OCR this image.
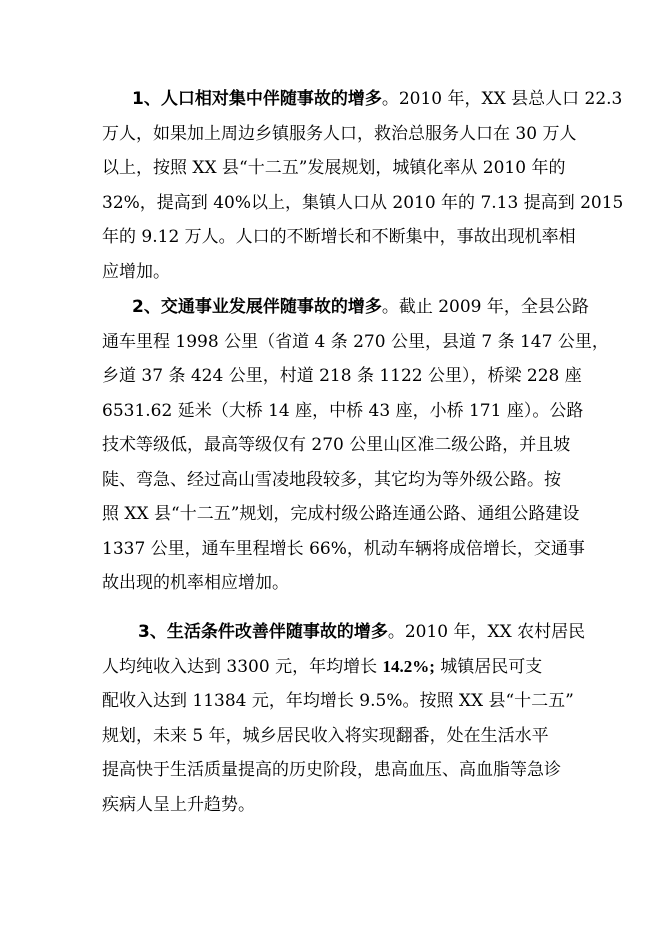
1、人口相对集中伴随事故的增多。2010 年，XX 县总人口 22.3
万人，如果加上周边乡镇服务人口，救治总服务人口在 30 万人
以上，按照 XX 县“十二五”发展规划，城镇化率从 2010 年的
32%，提高到 40%以上，集镇人口从 2010 年的 7.13 提高到 2015
年的 9.12 万人。人口的不断增长和不断集中，事故出现机率相
应增加。
2、交通事业发展伴随事故的增多。截止 2009 年，全县公路
通车里程 1998 公里（省道 4 条 270 公里，县道 7 条 147 公里，
乡道 37 条 424 公里，村道 218 条 1122 公里），桥梁 228 座
6531.62 延米（大桥 14 座，中桥 43 座，小桥 171 座）。公路
技术等级低，最高等级仅有 270 公里山区准二级公路，并且坡
陡、弯急、经过高山雪凌地段较多，其它均为等外级公路。按
照 XX 县“十二五”规划，完成村级公路连通公路、通组公路建设
1337 公里，通车里程增长 66%，机动车辆将成倍增长，交通事
故出现的机率相应增加。
3、生活条件改善伴随事故的增多。2010 年，XX 农村居民
人均纯收入达到 3300 元，年均增长 14.2%; 城镇居民可支
配收入达到 11384 元，年均增长 9.5%。按照 XX 县“十二五”
规划，未来 5 年，城乡居民收入将实现翻番，处在生活水平
提高快于生活质量提高的历史阶段，患高血压、高血脂等急诊
疾病人呈上升趋势。
